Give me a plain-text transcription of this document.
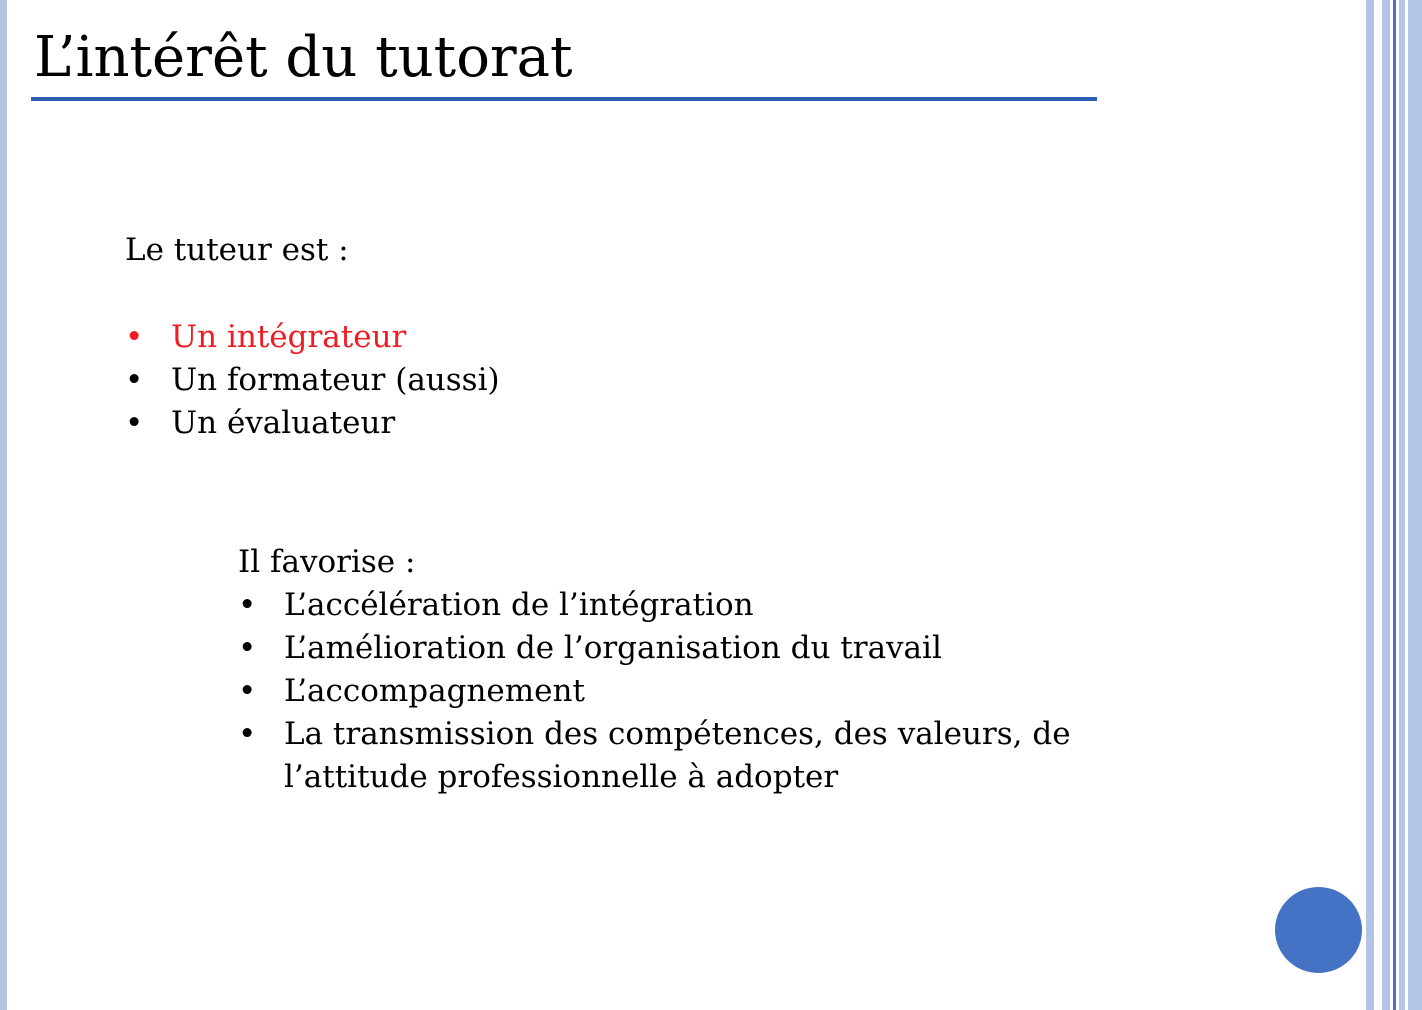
L’intérêt du tutorat
Le tuteur est :
• Un intégrateur
• Un formateur (aussi)
• Un évaluateur
Il favorise :
• L’accélération de l’intégration
• L’amélioration de l’organisation du travail
• L’accompagnement
• La transmission des compétences, des valeurs, de l’attitude professionnelle à adopter
